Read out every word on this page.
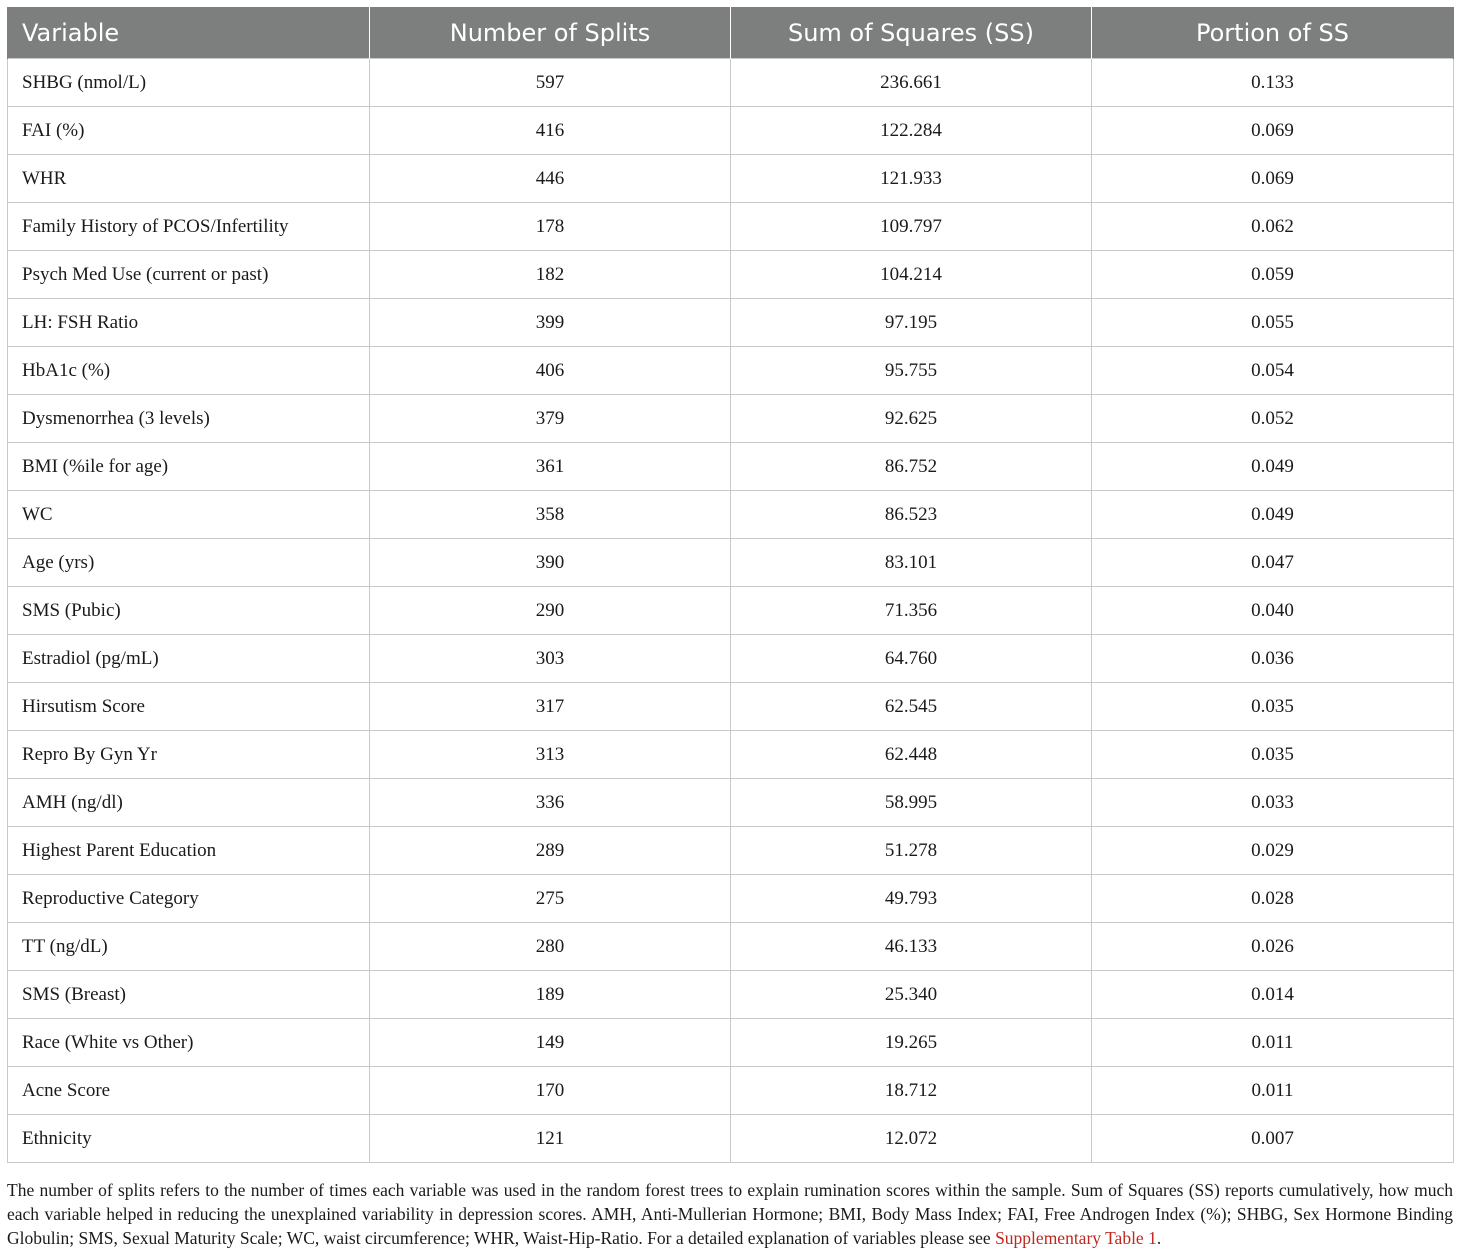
Variable	Number of Splits	Sum of Squares (SS)	Portion of SS
SHBG (nmol/L)	597	236.661	0.133
FAI (%)	416	122.284	0.069
WHR	446	121.933	0.069
Family History of PCOS/Infertility	178	109.797	0.062
Psych Med Use (current or past)	182	104.214	0.059
LH: FSH Ratio	399	97.195	0.055
HbA1c (%)	406	95.755	0.054
Dysmenorrhea (3 levels)	379	92.625	0.052
BMI (%ile for age)	361	86.752	0.049
WC	358	86.523	0.049
Age (yrs)	390	83.101	0.047
SMS (Pubic)	290	71.356	0.040
Estradiol (pg/mL)	303	64.760	0.036
Hirsutism Score	317	62.545	0.035
Repro By Gyn Yr	313	62.448	0.035
AMH (ng/dl)	336	58.995	0.033
Highest Parent Education	289	51.278	0.029
Reproductive Category	275	49.793	0.028
TT (ng/dL)	280	46.133	0.026
SMS (Breast)	189	25.340	0.014
Race (White vs Other)	149	19.265	0.011
Acne Score	170	18.712	0.011
Ethnicity	121	12.072	0.007

The number of splits refers to the number of times each variable was used in the random forest trees to explain rumination scores within the sample. Sum of Squares (SS) reports cumulatively, how much each variable helped in reducing the unexplained variability in depression scores. AMH, Anti-Mullerian Hormone; BMI, Body Mass Index; FAI, Free Androgen Index (%); SHBG, Sex Hormone Binding Globulin; SMS, Sexual Maturity Scale; WC, waist circumference; WHR, Waist-Hip-Ratio. For a detailed explanation of variables please see Supplementary Table 1.
